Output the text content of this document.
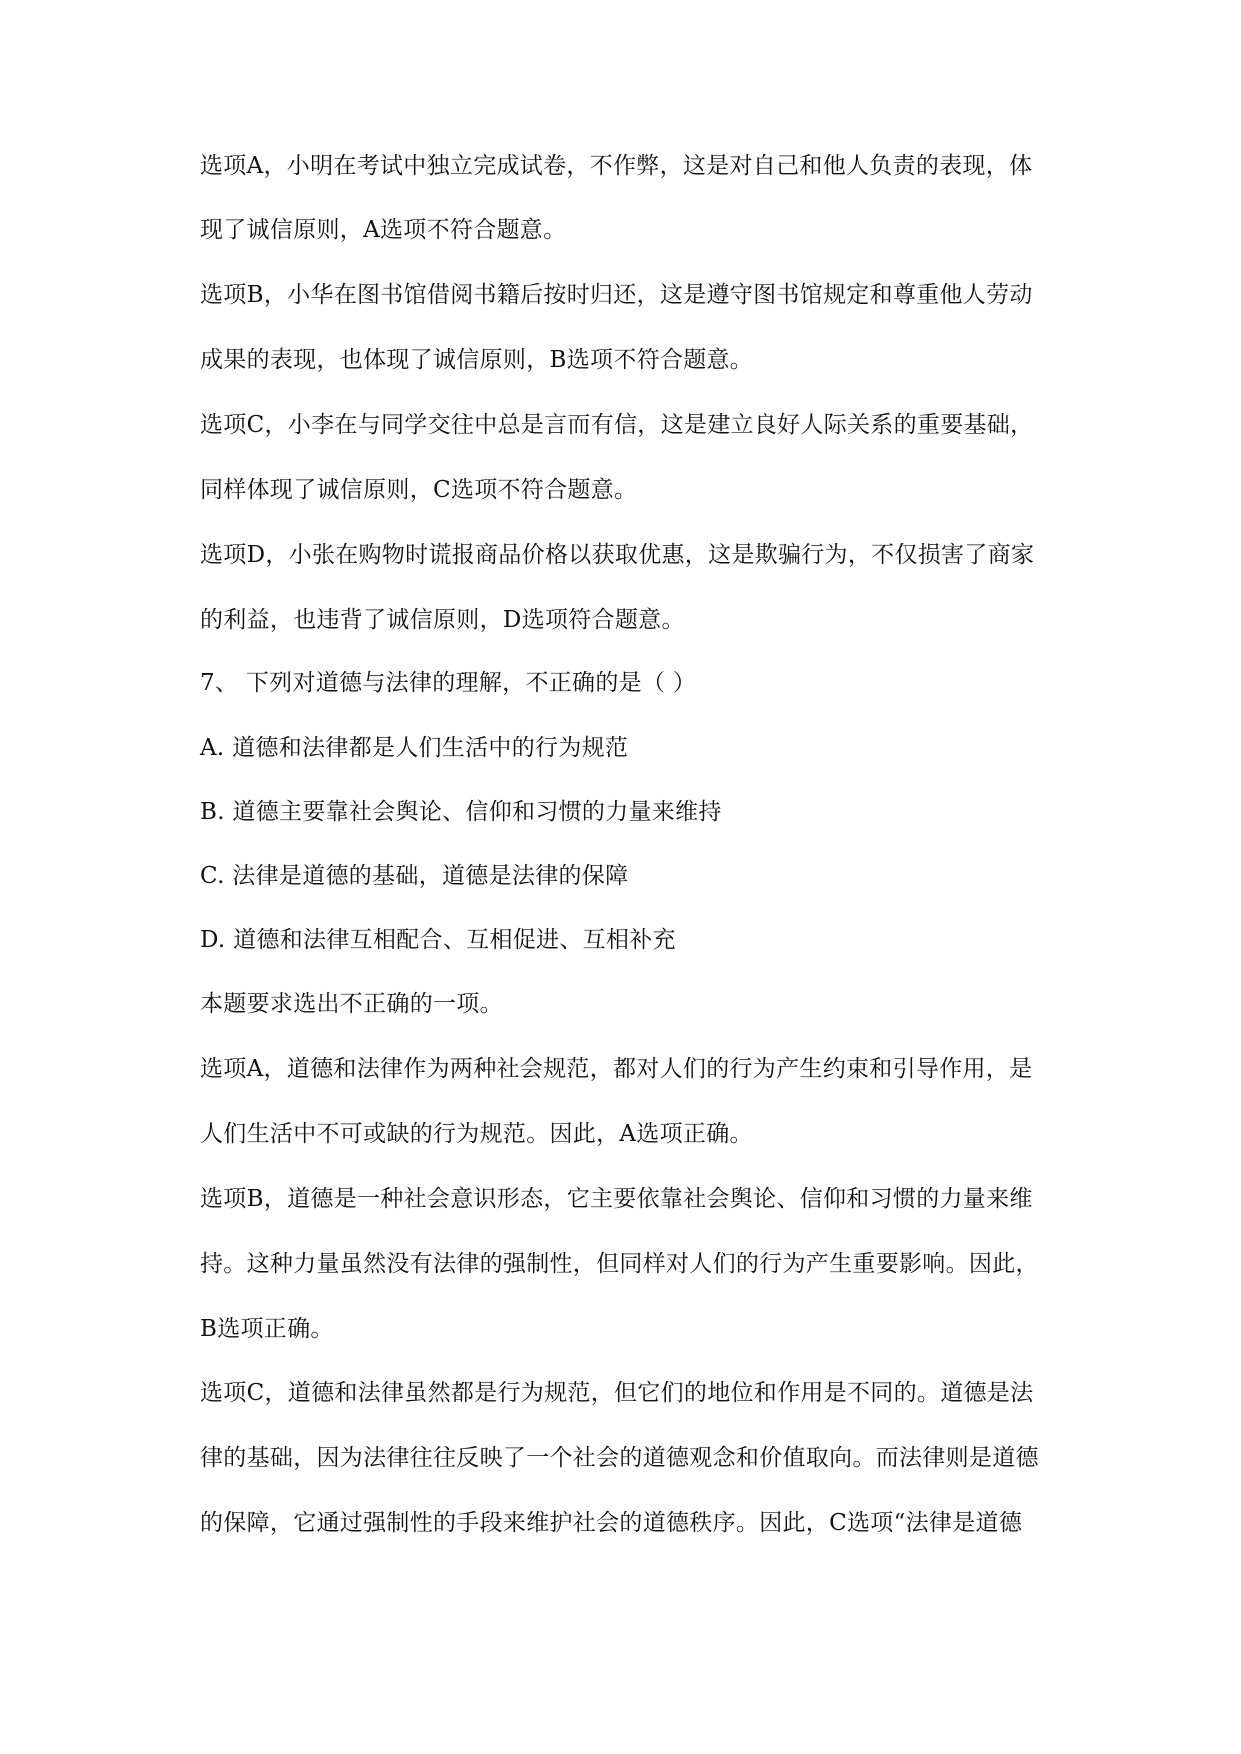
选项A，小明在考试中独立完成试卷，不作弊，这是对自己和他人负责的表现，体
现了诚信原则，A选项不符合题意。
选项B，小华在图书馆借阅书籍后按时归还，这是遵守图书馆规定和尊重他人劳动
成果的表现，也体现了诚信原则，B选项不符合题意。
选项C，小李在与同学交往中总是言而有信，这是建立良好人际关系的重要基础，
同样体现了诚信原则，C选项不符合题意。
选项D，小张在购物时谎报商品价格以获取优惠，这是欺骗行为，不仅损害了商家
的利益，也违背了诚信原则，D选项符合题意。
7、 下列对道德与法律的理解，不正确的是（ ）
A. 道德和法律都是人们生活中的行为规范
B. 道德主要靠社会舆论、信仰和习惯的力量来维持
C. 法律是道德的基础，道德是法律的保障
D. 道德和法律互相配合、互相促进、互相补充
本题要求选出不正确的一项。
选项A，道德和法律作为两种社会规范，都对人们的行为产生约束和引导作用，是
人们生活中不可或缺的行为规范。因此，A选项正确。
选项B，道德是一种社会意识形态，它主要依靠社会舆论、信仰和习惯的力量来维
持。这种力量虽然没有法律的强制性，但同样对人们的行为产生重要影响。因此，
B选项正确。
选项C，道德和法律虽然都是行为规范，但它们的地位和作用是不同的。道德是法
律的基础，因为法律往往反映了一个社会的道德观念和价值取向。而法律则是道德
的保障，它通过强制性的手段来维护社会的道德秩序。因此，C选项“法律是道德
